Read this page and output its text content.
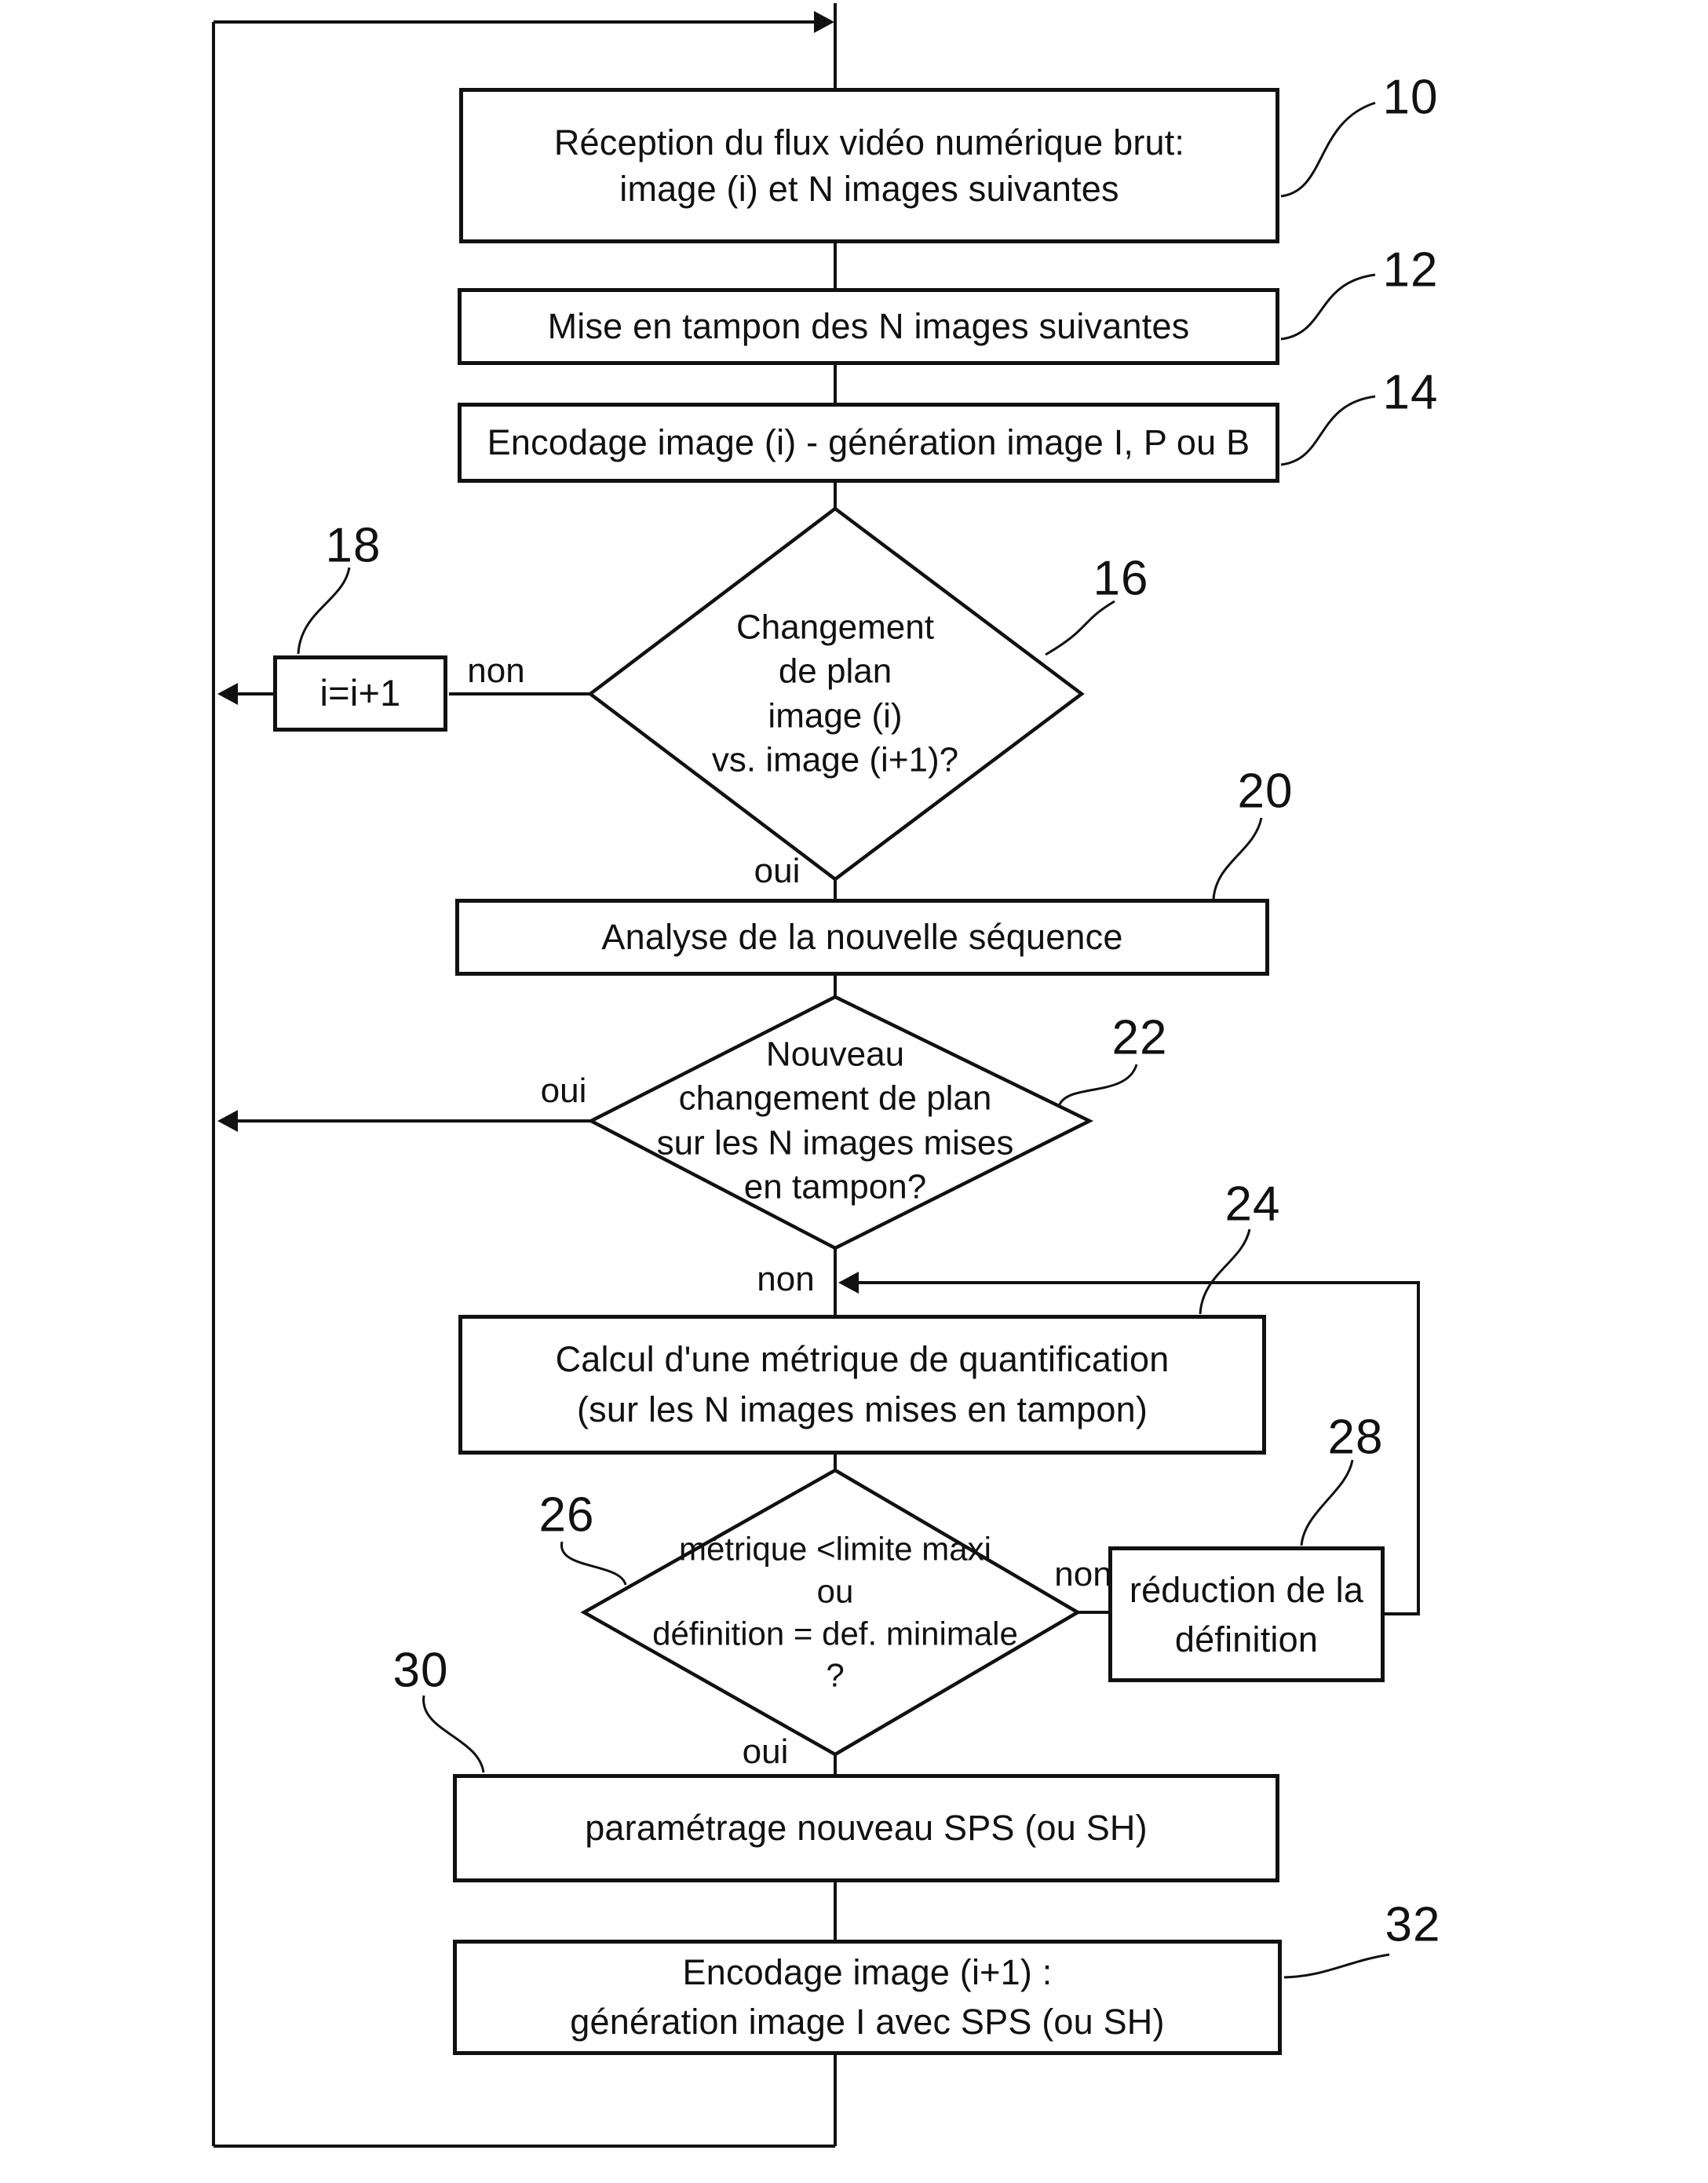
Réception du flux vidéo numérique brut:
image (i) et N images suivantes
Mise en tampon des N images suivantes
Encodage image (i) - génération image I, P ou B
i=i+1
Analyse de la nouvelle séquence
Calcul d'une métrique de quantification
(sur les N images mises en tampon)
réduction de la
définition
paramétrage nouveau SPS (ou SH)
Encodage image (i+1) :
génération image I avec SPS (ou SH)
Changement
de plan
image (i)
vs. image (i+1)?
Nouveau
changement de plan
sur les N images mises
en tampon?
métrique <limite maxi
ou
définition = def. minimale
?
non
oui
oui
non
non
oui
10
12
14
16
18
20
22
24
26
28
30
32
